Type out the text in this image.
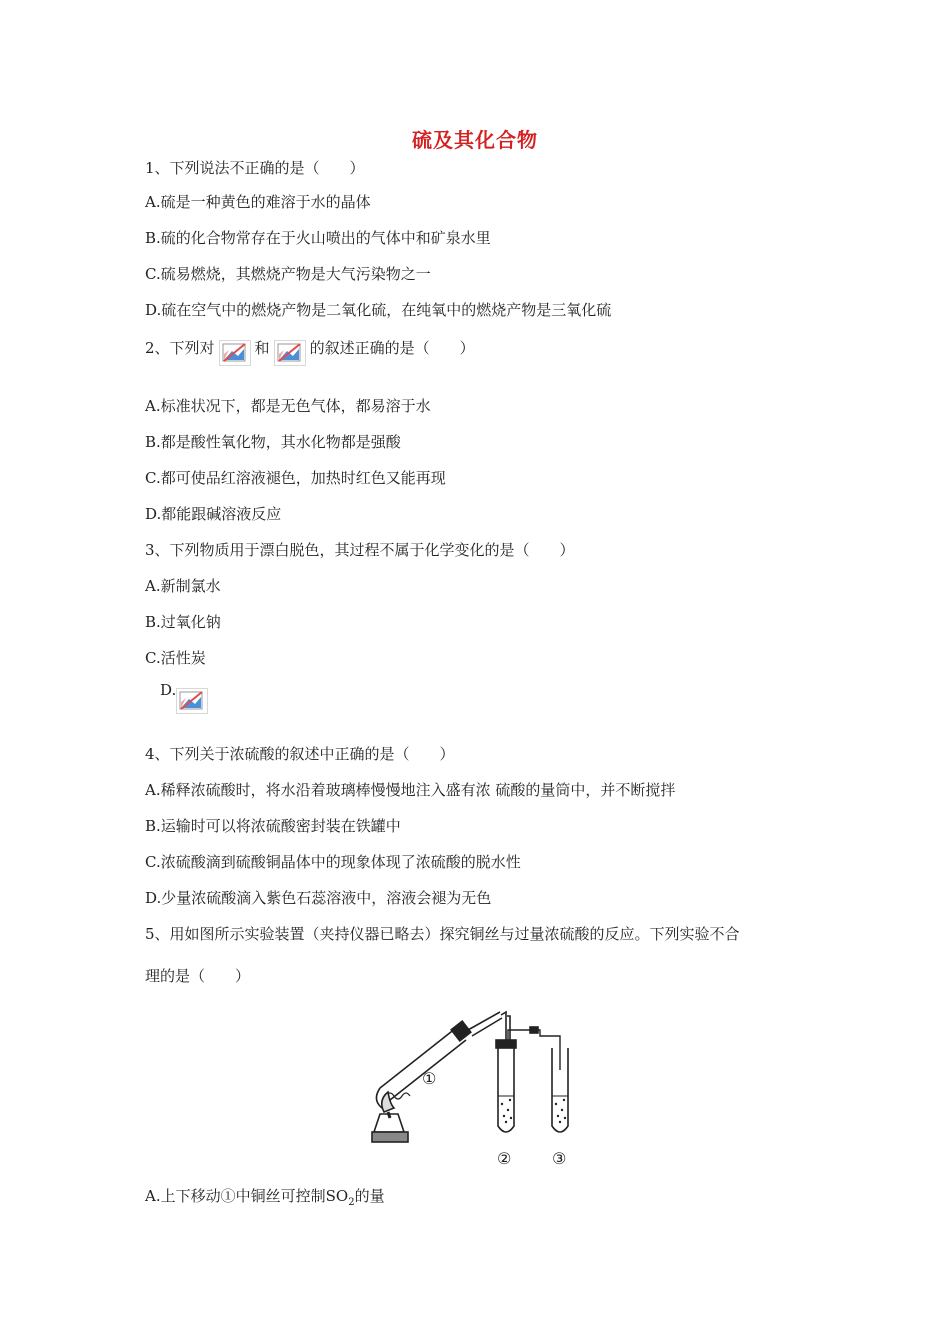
硫及其化合物
1、下列说法不正确的是（　　）
A.硫是一种黄色的难溶于水的晶体
B.硫的化合物常存在于火山喷出的气体中和矿泉水里
C.硫易燃烧，其燃烧产物是大气污染物之一
D.硫在空气中的燃烧产物是二氧化硫，在纯氧中的燃烧产物是三氧化硫
2、下列对	和	的叙述正确的是（　　）
A.标准状况下，都是无色气体，都易溶于水
B.都是酸性氧化物，其水化物都是强酸
C.都可使品红溶液褪色，加热时红色又能再现
D.都能跟碱溶液反应
3、下列物质用于漂白脱色，其过程不属于化学变化的是（　　）
A.新制氯水
B.过氧化钠
C.活性炭
D.
4、下列关于浓硫酸的叙述中正确的是（　　）
A.稀释浓硫酸时，将水沿着玻璃棒慢慢地注入盛有浓 硫酸的量筒中，并不断搅拌
B.运输时可以将浓硫酸密封装在铁罐中
C.浓硫酸滴到硫酸铜晶体中的现象体现了浓硫酸的脱水性
D.少量浓硫酸滴入紫色石蕊溶液中，溶液会褪为无色
5、用如图所示实验装置（夹持仪器已略去）探究铜丝与过量浓硫酸的反应。下列实验不合
理的是（　　）
①
②	③
A.上下移动①中铜丝可控制$SO_2$的量
